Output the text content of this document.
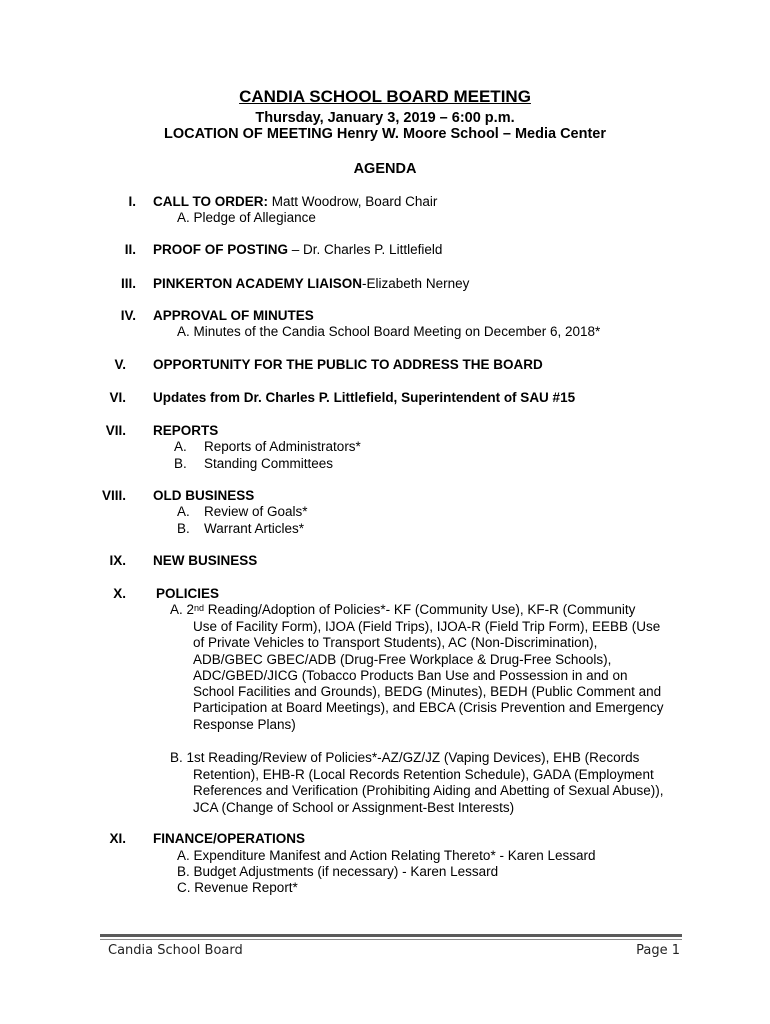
CANDIA SCHOOL BOARD MEETING
Thursday, January 3, 2019 – 6:00 p.m.
LOCATION OF MEETING Henry W. Moore School – Media Center
AGENDA
I. CALL TO ORDER: Matt Woodrow, Board Chair
A. Pledge of Allegiance
II. PROOF OF POSTING – Dr. Charles P. Littlefield
III. PINKERTON ACADEMY LIAISON-Elizabeth Nerney
IV. APPROVAL OF MINUTES
A. Minutes of the Candia School Board Meeting on December 6, 2018*
V. OPPORTUNITY FOR THE PUBLIC TO ADDRESS THE BOARD
VI. Updates from Dr. Charles P. Littlefield, Superintendent of SAU #15
VII. REPORTS
A. Reports of Administrators*
B. Standing Committees
VIII. OLD BUSINESS
A. Review of Goals*
B. Warrant Articles*
IX. NEW BUSINESS
X. POLICIES
A. 2nd Reading/Adoption of Policies*- KF (Community Use), KF-R (Community
Use of Facility Form), IJOA (Field Trips), IJOA-R (Field Trip Form), EEBB (Use
of Private Vehicles to Transport Students), AC (Non-Discrimination),
ADB/GBEC GBEC/ADB (Drug-Free Workplace & Drug-Free Schools),
ADC/GBED/JICG (Tobacco Products Ban Use and Possession in and on
School Facilities and Grounds), BEDG (Minutes), BEDH (Public Comment and
Participation at Board Meetings), and EBCA (Crisis Prevention and Emergency
Response Plans)
B. 1st Reading/Review of Policies*-AZ/GZ/JZ (Vaping Devices), EHB (Records
Retention), EHB-R (Local Records Retention Schedule), GADA (Employment
References and Verification (Prohibiting Aiding and Abetting of Sexual Abuse)),
JCA (Change of School or Assignment-Best Interests)
XI. FINANCE/OPERATIONS
A. Expenditure Manifest and Action Relating Thereto* - Karen Lessard
B. Budget Adjustments (if necessary) - Karen Lessard
C. Revenue Report*
Candia School Board	Page 1
